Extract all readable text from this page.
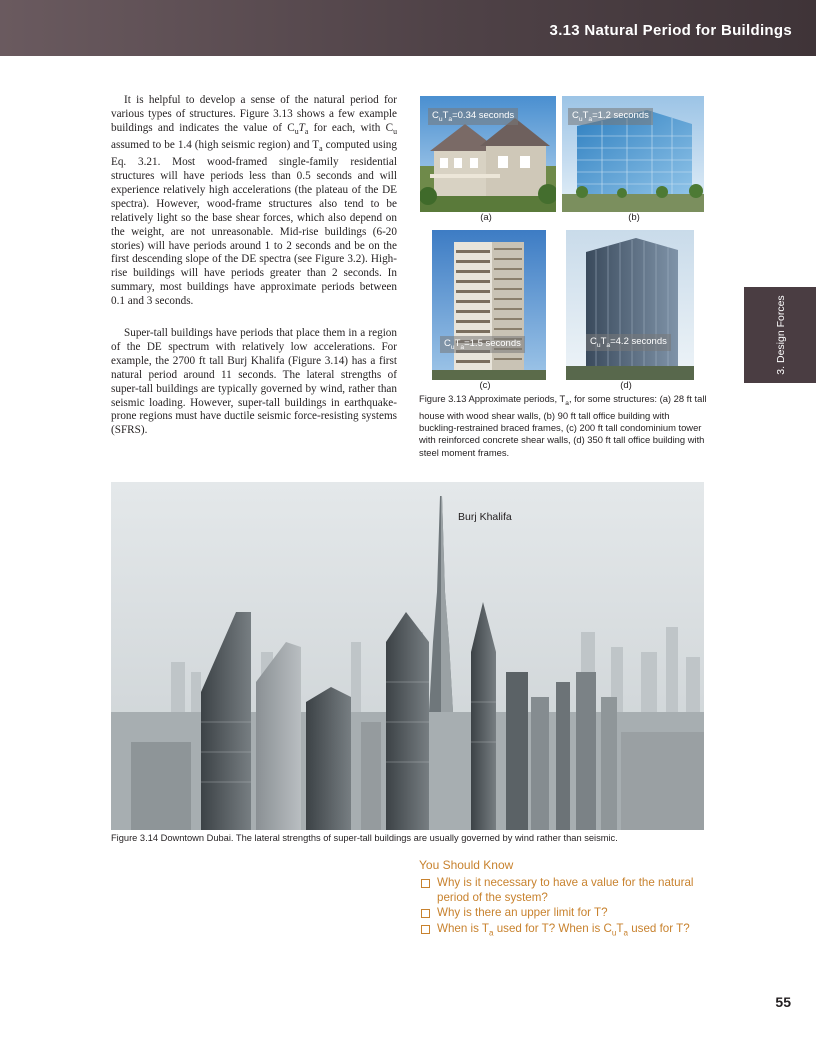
3.13 Natural Period for Buildings
3. Design Forces

It is helpful to develop a sense of the natural period for various types of structures. Figure 3.13 shows a few example buildings and indicates the value of $C_uT_a$ for each, with $C_u$ assumed to be 1.4 (high seismic region) and $T_a$ computed using Eq. 3.21. Most wood-framed single-family residential structures will have periods less than 0.5 seconds and will experience relatively high accelerations (the plateau of the DE spectra). However, wood-frame structures also tend to be relatively light so the base shear forces, which also depend on the weight, are not unreasonable. Mid-rise buildings (6-20 stories) will have periods around 1 to 2 seconds and be on the first descending slope of the DE spectra (see Figure 3.2). High-rise buildings will have periods greater than 2 seconds. In summary, most buildings have approximate periods between 0.1 and 3 seconds.

Super-tall buildings have periods that place them in a region of the DE spectrum with relatively low accelerations. For example, the 2700 ft tall Burj Khalifa (Figure 3.14) has a first natural period around 11 seconds. The lateral strengths of super-tall buildings are typically governed by wind, rather than seismic loading. However, super-tall buildings in earthquake-prone regions must have ductile seismic force-resisting systems (SFRS).

$C_uT_a=0.34$ seconds
(a)
$C_uT_a=1.2$ seconds
(b)
$C_uT_a=1.5$ seconds
(c)
$C_uT_a=4.2$ seconds
(d)
Figure 3.13 Approximate periods, $T_a$, for some structures: (a) 28 ft tall house with wood shear walls, (b) 90 ft tall office building with buckling-restrained braced frames, (c) 200 ft tall condominium tower with reinforced concrete shear walls, (d) 350 ft tall office building with steel moment frames.
Burj Khalifa
Figure 3.14 Downtown Dubai. The lateral strengths of super-tall buildings are usually governed by wind rather than seismic.
You Should Know
Why is it necessary to have a value for the natural period of the system?
Why is there an upper limit for T?
When is $T_a$ used for T? When is $C_uT_a$ used for T?
55
